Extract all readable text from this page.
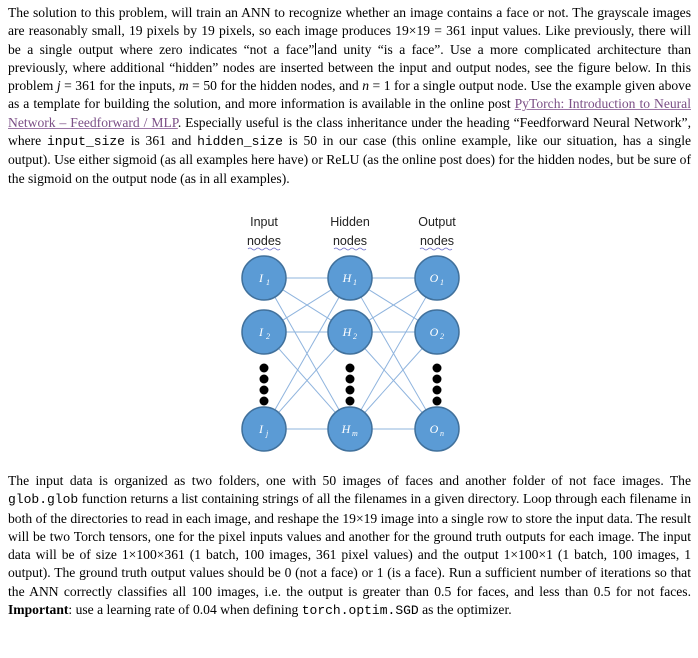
The solution to this problem, will train an ANN to recognize whether an image contains a face or not. The grayscale images are reasonably small, 19 pixels by 19 pixels, so each image produces 19×19 = 361 input values. Like previously, there will be a single output where zero indicates “not a face” and unity “is a face”. Use a more complicated architecture than previously, where additional “hidden” nodes are inserted between the input and output nodes, see the figure below. In this problem j = 361 for the inputs, m = 50 for the hidden nodes, and n = 1 for a single output node. Use the example given above as a template for building the solution, and more information is available in the online post PyTorch: Introduction to Neural Network – Feedforward / MLP. Especially useful is the class inheritance under the heading “Feedforward Neural Network”, where input_size is 361 and hidden_size is 50 in our case (this online example, like our situation, has a single output). Use either sigmoid (as all examples here have) or ReLU (as the online post does) for the hidden nodes, but be sure of the sigmoid on the output node (as in all examples).
Input
nodes
Hidden
nodes
Output
nodes
I 1
I 2
I j
H 1
H 2
H m
O 1
O 2
O n
The input data is organized as two folders, one with 50 images of faces and another folder of not face images. The glob.glob function returns a list containing strings of all the filenames in a given directory. Loop through each filename in both of the directories to read in each image, and reshape the 19×19 image into a single row to store the input data. The result will be two Torch tensors, one for the pixel inputs values and another for the ground truth outputs for each image. The input data will be of size 1×100×361 (1 batch, 100 images, 361 pixel values) and the output 1×100×1 (1 batch, 100 images, 1 output). The ground truth output values should be 0 (not a face) or 1 (is a face). Run a sufficient number of iterations so that the ANN correctly classifies all 100 images, i.e. the output is greater than 0.5 for faces, and less than 0.5 for not faces. Important: use a learning rate of 0.04 when defining torch.optim.SGD as the optimizer.
